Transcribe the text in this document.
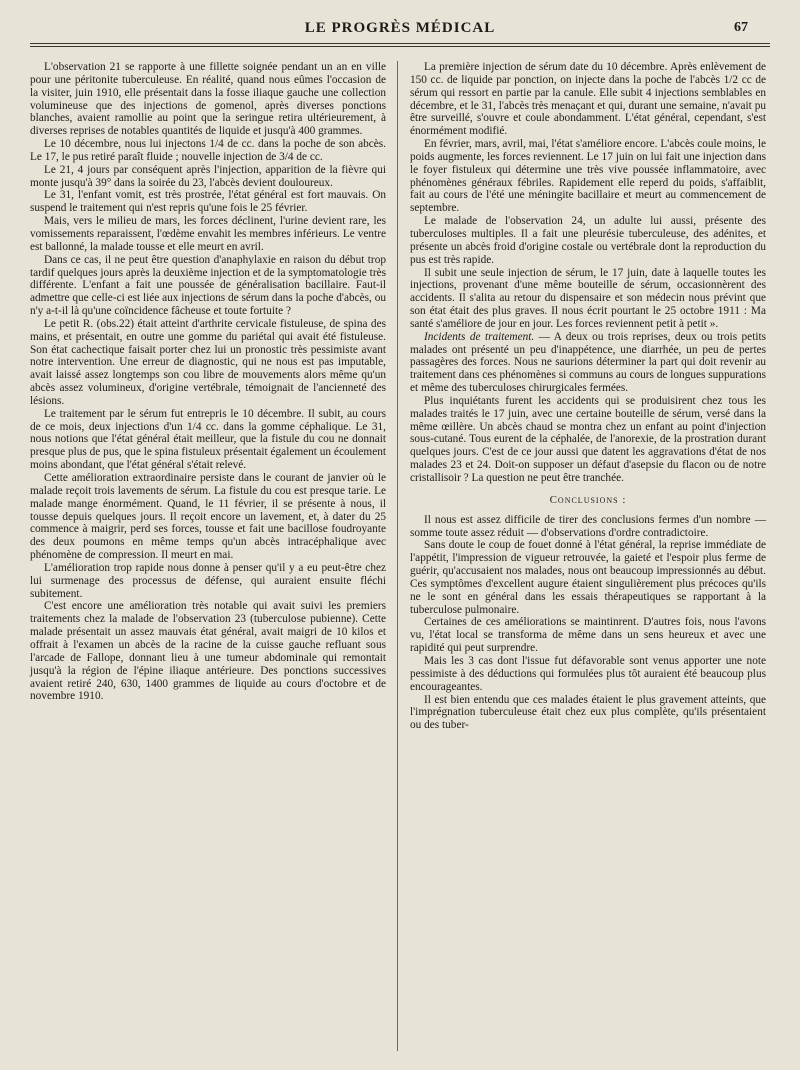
LE PROGRÈS MÉDICAL	67

L'observation 21 se rapporte à une fillette soignée pendant un an en ville pour une péritonite tuberculeuse. En réalité, quand nous eûmes l'occasion de la visiter, juin 1910, elle présentait dans la fosse iliaque gauche une collection volumineuse que des injections de gomenol, après diverses ponctions blanches, avaient ramollie au point que la seringue retira ultérieurement, à diverses reprises de notables quantités de liquide et jusqu'à 400 grammes.

Le 10 décembre, nous lui injectons 1/4 de cc. dans la poche de son abcès. Le 17, le pus retiré paraît fluide ; nouvelle injection de 3/4 de cc.

Le 21, 4 jours par conséquent après l'injection, apparition de la fièvre qui monte jusqu'à 39° dans la soirée du 23, l'abcès devient douloureux.

Le 31, l'enfant vomit, est très prostrée, l'état général est fort mauvais. On suspend le traitement qui n'est repris qu'une fois le 25 février.

Mais, vers le milieu de mars, les forces déclinent, l'urine devient rare, les vomissements reparaissent, l'œdème envahit les membres inférieurs. Le ventre est ballonné, la malade tousse et elle meurt en avril.

Dans ce cas, il ne peut être question d'anaphylaxie en raison du début trop tardif quelques jours après la deuxième injection et de la symptomatologie très différente. L'enfant a fait une poussée de généralisation bacillaire. Faut-il admettre que celle-ci est liée aux injections de sérum dans la poche d'abcès, ou n'y a-t-il là qu'une coïncidence fâcheuse et toute fortuite ?

Le petit R. (obs.22) était atteint d'arthrite cervicale fistuleuse, de spina des mains, et présentait, en outre une gomme du pariétal qui avait été fistuleuse. Son état cachectique faisait porter chez lui un pronostic très pessimiste avant notre intervention. Une erreur de diagnostic, qui ne nous est pas imputable, avait laissé assez longtemps son cou libre de mouvements alors même qu'un abcès assez volumineux, d'origine vertébrale, témoignait de l'ancienneté des lésions.

Le traitement par le sérum fut entrepris le 10 décembre. Il subit, au cours de ce mois, deux injections d'un 1/4 cc. dans la gomme céphalique. Le 31, nous notions que l'état général était meilleur, que la fistule du cou ne donnait presque plus de pus, que le spina fistuleux présentait également un écoulement moins abondant, que l'état général s'était relevé.

Cette amélioration extraordinaire persiste dans le courant de janvier où le malade reçoit trois lavements de sérum. La fistule du cou est presque tarie. Le malade mange énormément. Quand, le 11 février, il se présente à nous, il tousse depuis quelques jours. Il reçoit encore un lavement, et, à dater du 25 commence à maigrir, perd ses forces, tousse et fait une bacillose foudroyante des deux poumons en même temps qu'un abcès intracéphalique avec phénomène de compression. Il meurt en mai.

L'amélioration trop rapide nous donne à penser qu'il y a eu peut-être chez lui surmenage des processus de défense, qui auraient ensuite fléchi subitement.

C'est encore une amélioration très notable qui avait suivi les premiers traitements chez la malade de l'observation 23 (tuberculose pubienne). Cette malade présentait un assez mauvais état général, avait maigri de 10 kilos et offrait à l'examen un abcès de la racine de la cuisse gauche refluant sous l'arcade de Fallope, donnant lieu à une tumeur abdominale qui remontait jusqu'à la région de l'épine iliaque antérieure. Des ponctions successives avaient retiré 240, 630, 1400 grammes de liquide au cours d'octobre et de novembre 1910.

La première injection de sérum date du 10 décembre. Après enlèvement de 150 cc. de liquide par ponction, on injecte dans la poche de l'abcès 1/2 cc de sérum qui ressort en partie par la canule. Elle subit 4 injections semblables en décembre, et le 31, l'abcès très menaçant et qui, durant une semaine, n'avait pu être surveillé, s'ouvre et coule abondamment. L'état général, cependant, s'est énormément modifié.

En février, mars, avril, mai, l'état s'améliore encore. L'abcès coule moins, le poids augmente, les forces reviennent. Le 17 juin on lui fait une injection dans le foyer fistuleux qui détermine une très vive poussée inflammatoire, avec phénomènes généraux fébriles. Rapidement elle reperd du poids, s'affaiblit, fait au cours de l'été une méningite bacillaire et meurt au commencement de septembre.

Le malade de l'observation 24, un adulte lui aussi, présente des tuberculoses multiples. Il a fait une pleurésie tuberculeuse, des adénites, et présente un abcès froid d'origine costale ou vertébrale dont la reproduction du pus est très rapide.

Il subit une seule injection de sérum, le 17 juin, date à laquelle toutes les injections, provenant d'une même bouteille de sérum, occasionnèrent des accidents. Il s'alita au retour du dispensaire et son médecin nous prévint que son état était des plus graves. Il nous écrit pourtant le 25 octobre 1911 : Ma santé s'améliore de jour en jour. Les forces reviennent petit à petit ».

Incidents de traitement. — A deux ou trois reprises, deux ou trois petits malades ont présenté un peu d'inappétence, une diarrhée, un peu de pertes passagères des forces. Nous ne saurions déterminer la part qui doit revenir au traitement dans ces phénomènes si communs au cours de longues suppurations et même des tuberculoses chirurgicales fermées.

Plus inquiétants furent les accidents qui se produisirent chez tous les malades traités le 17 juin, avec une certaine bouteille de sérum, versé dans la même œillère. Un abcès chaud se montra chez un enfant au point d'injection sous-cutané. Tous eurent de la céphalée, de l'anorexie, de la prostration durant quelques jours. C'est de ce jour aussi que datent les aggravations d'état de nos malades 23 et 24. Doit-on supposer un défaut d'asepsie du flacon ou de notre cristallisoir ? La question ne peut être tranchée.

Conclusions :

Il nous est assez difficile de tirer des conclusions fermes d'un nombre — somme toute assez réduit — d'observations d'ordre contradictoire.

Sans doute le coup de fouet donné à l'état général, la reprise immédiate de l'appétit, l'impression de vigueur retrouvée, la gaieté et l'espoir plus ferme de guérir, qu'accusaient nos malades, nous ont beaucoup impressionnés au début. Ces symptômes d'excellent augure étaient singulièrement plus précoces qu'ils ne le sont en général dans les essais thérapeutiques se rapportant à la tuberculose pulmonaire.

Certaines de ces améliorations se maintinrent. D'autres fois, nous l'avons vu, l'état local se transforma de même dans un sens heureux et avec une rapidité qui peut surprendre.

Mais les 3 cas dont l'issue fut défavorable sont venus apporter une note pessimiste à des déductions qui formulées plus tôt auraient été beaucoup plus encourageantes.

Il est bien entendu que ces malades étaient le plus gravement atteints, que l'imprégnation tuberculeuse était chez eux plus complète, qu'ils présentaient ou des tuber-
